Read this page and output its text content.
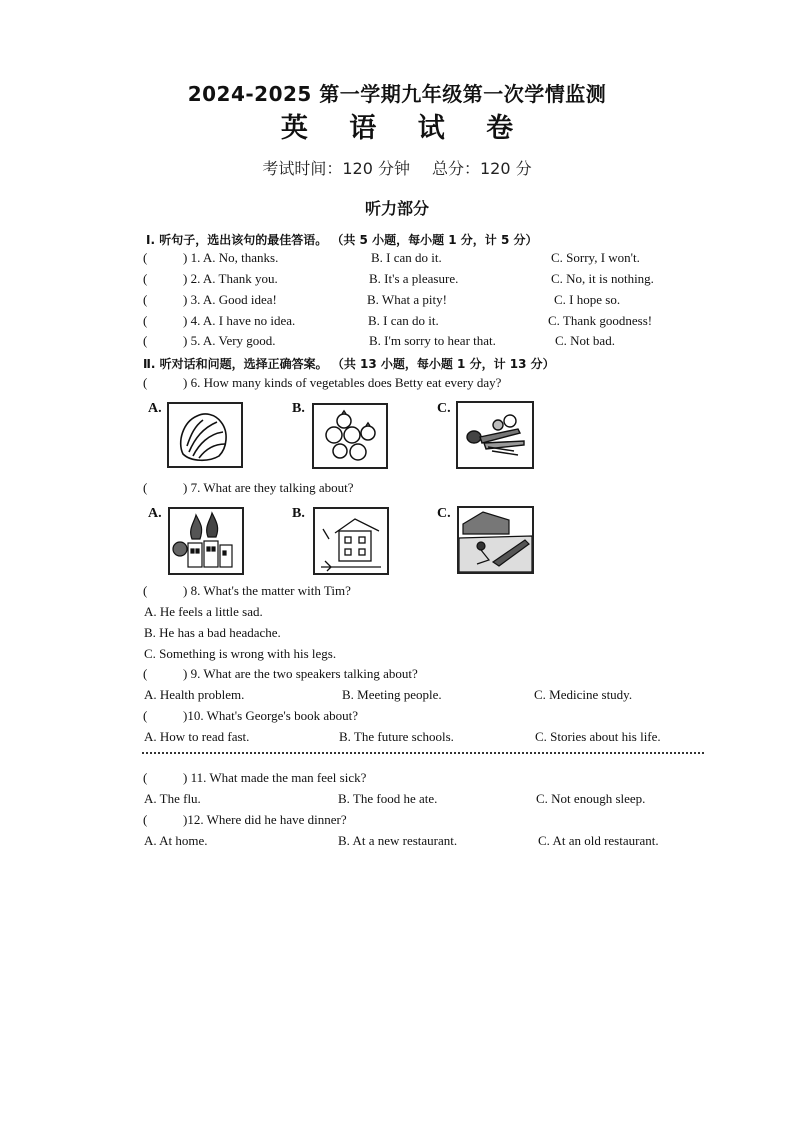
2024-2025 第一学期九年级第一次学情监测
英 语 试 卷
考试时间：120 分钟 总分：120 分
听力部分
Ⅰ. 听句子，选出该句的最佳答语。 （共 5 小题，每小题 1 分，计 5 分）
(	) 1. A. No, thanks.	B. I can do it.	C. Sorry, I won't.
(	) 2. A. Thank you.	B. It's a pleasure.	C. No, it is nothing.
(	) 3. A. Good idea!	B. What a pity!	C. I hope so.
(	) 4. A. I have no idea.	B. I can do it.	C. Thank goodness!
(	) 5. A. Very good.	B. I'm sorry to hear that.	C. Not bad.
Ⅱ. 听对话和问题，选择正确答案。 （共 13 小题，每小题 1 分，计 13 分）
(	) 6. How many kinds of vegetables does Betty eat every day?
A.	B.	C.
(	) 7. What are they talking about?
A.	B.	C.
(	) 8. What's the matter with Tim?
A. He feels a little sad.
B. He has a bad headache.
C. Something is wrong with his legs.
(	) 9. What are the two speakers talking about?
A. Health problem.	B. Meeting people.	C. Medicine study.
(	)10. What's George's book about?
A. How to read fast.	B. The future schools.	C. Stories about his life.
(	) 11. What made the man feel sick?
A. The flu.	B. The food he ate.	C. Not enough sleep.
(	)12. Where did he have dinner?
A. At home.	B. At a new restaurant.	C. At an old restaurant.
